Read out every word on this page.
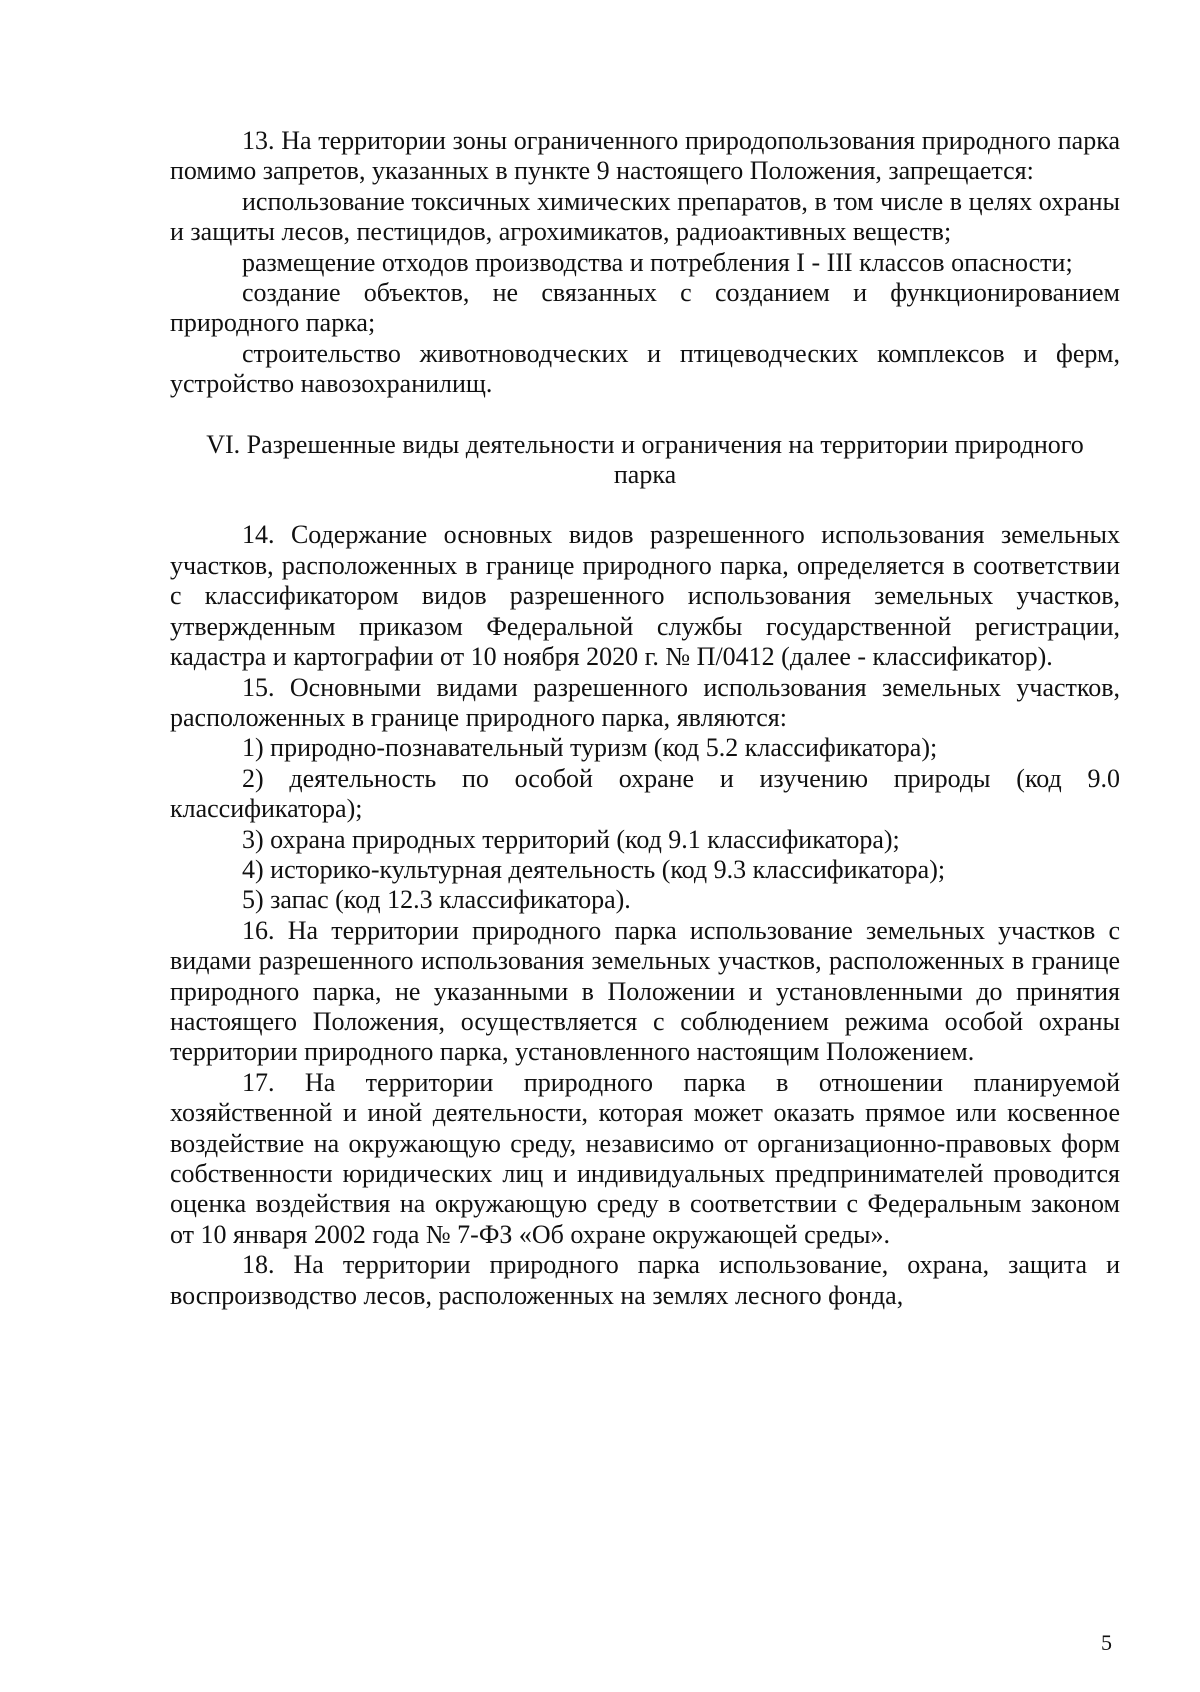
13. На территории зоны ограниченного природопользования природного парка помимо запретов, указанных в пункте 9 настоящего Положения, запрещается:

использование токсичных химических препаратов, в том числе в целях охраны и защиты лесов, пестицидов, агрохимикатов, радиоактивных веществ;

размещение отходов производства и потребления I - III классов опасности;

создание объектов, не связанных с созданием и функционированием природного парка;

строительство животноводческих и птицеводческих комплексов и ферм, устройство навозохранилищ.

VI. Разрешенные виды деятельности и ограничения на территории природного парка

14. Содержание основных видов разрешенного использования земельных участков, расположенных в границе природного парка, определяется в соответствии с классификатором видов разрешенного использования земельных участков, утвержденным приказом Федеральной службы государственной регистрации, кадастра и картографии от 10 ноября 2020 г. № П/0412 (далее - классификатор).

15. Основными видами разрешенного использования земельных участков, расположенных в границе природного парка, являются:

1) природно-познавательный туризм (код 5.2 классификатора);

2) деятельность по особой охране и изучению природы (код 9.0 классификатора);

3) охрана природных территорий (код 9.1 классификатора);

4) историко-культурная деятельность (код 9.3 классификатора);

5) запас (код 12.3 классификатора).

16. На территории природного парка использование земельных участков с видами разрешенного использования земельных участков, расположенных в границе природного парка, не указанными в Положении и установленными до принятия настоящего Положения, осуществляется с соблюдением режима особой охраны территории природного парка, установленного настоящим Положением.

17. На территории природного парка в отношении планируемой хозяйственной и иной деятельности, которая может оказать прямое или косвенное воздействие на окружающую среду, независимо от организационно-правовых форм собственности юридических лиц и индивидуальных предпринимателей проводится оценка воздействия на окружающую среду в соответствии с Федеральным законом от 10 января 2002 года № 7-ФЗ «Об охране окружающей среды».

18. На территории природного парка использование, охрана, защита и воспроизводство лесов, расположенных на землях лесного фонда,

5
